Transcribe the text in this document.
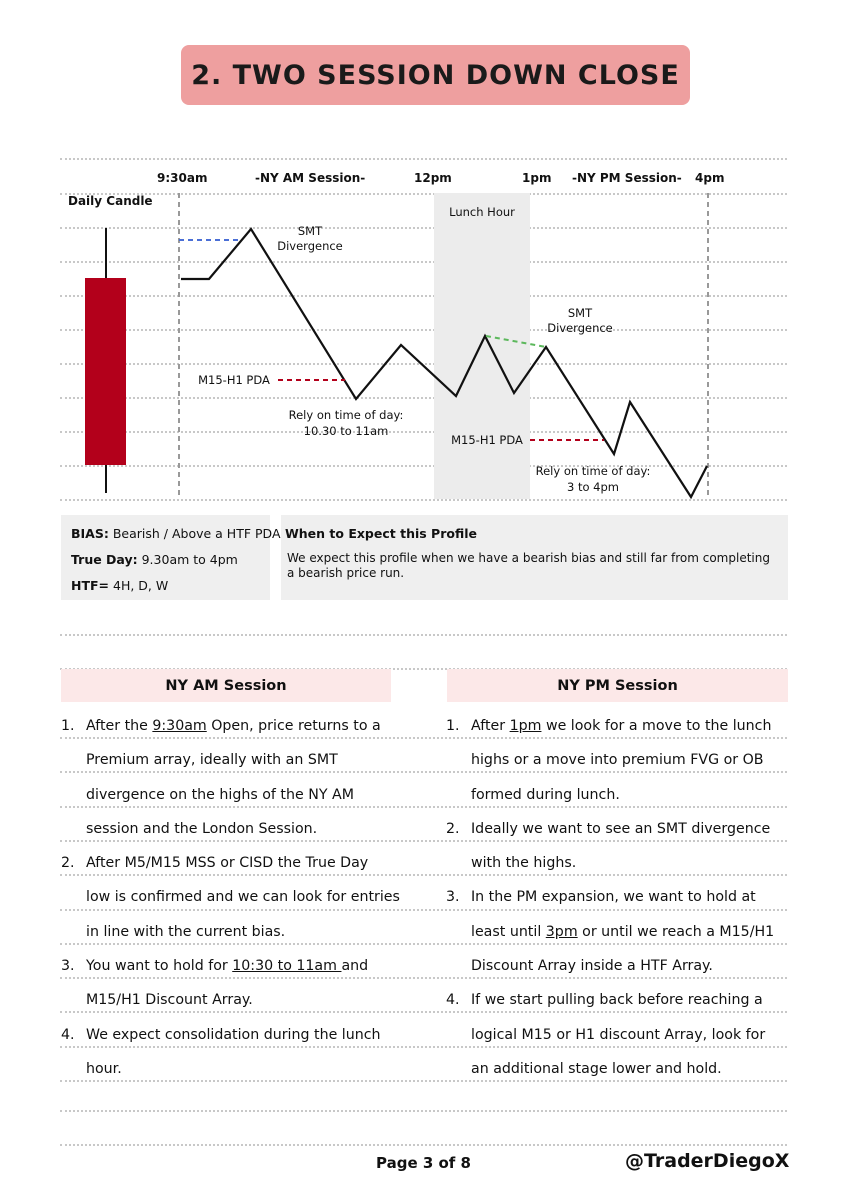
2. TWO SESSION DOWN CLOSE
9:30am	-NY AM Session-	12pm	1pm -NY PM Session- 4pm
Daily Candle
Lunch Hour
SMT
Divergence
SMT
Divergence
M15-H1 PDA
M15-H1 PDA
Rely on time of day:
10.30 to 11am
Rely on time of day:
3 to 4pm
BIAS: Bearish / Above a HTF PDA
True Day: 9.30am to 4pm
HTF= 4H, D, W
When to Expect this Profile
We expect this profile when we have a bearish bias and still far from completing a bearish price run.
NY AM Session	NY PM Session
1. After the 9:30am Open, price returns to a
Premium array, ideally with an SMT
divergence on the highs of the NY AM
session and the London Session.
2. After M5/M15 MSS or CISD the True Day
low is confirmed and we can look for entries
in line with the current bias.
3. You want to hold for 10:30 to 11am and
M15/H1 Discount Array.
4. We expect consolidation during the lunch
hour.
1. After 1pm we look for a move to the lunch
highs or a move into premium FVG or OB
formed during lunch.
2. Ideally we want to see an SMT divergence
with the highs.
3. In the PM expansion, we want to hold at
least until 3pm or until we reach a M15/H1
Discount Array inside a HTF Array.
4. If we start pulling back before reaching a
logical M15 or H1 discount Array, look for
an additional stage lower and hold.
Page 3 of 8	@TraderDiegoX
